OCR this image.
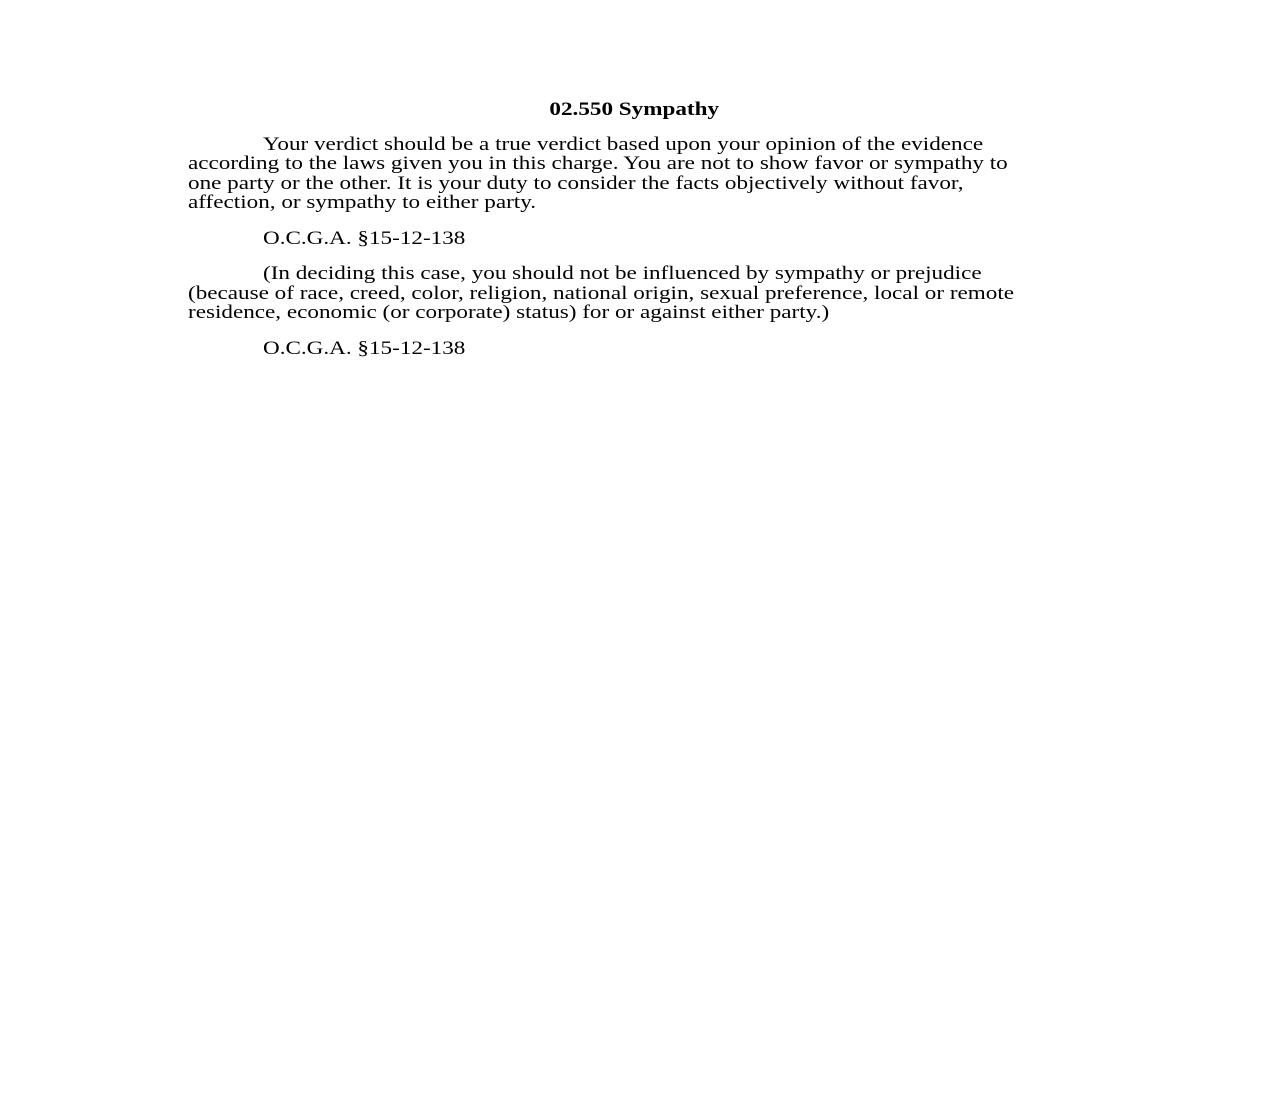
02.550 Sympathy
Your verdict should be a true verdict based upon your opinion of the evidence
according to the laws given you in this charge. You are not to show favor or sympathy to
one party or the other. It is your duty to consider the facts objectively without favor,
affection, or sympathy to either party.
O.C.G.A. §15-12-138
(In deciding this case, you should not be influenced by sympathy or prejudice
(because of race, creed, color, religion, national origin, sexual preference, local or remote
residence, economic (or corporate) status) for or against either party.)
O.C.G.A. §15-12-138
